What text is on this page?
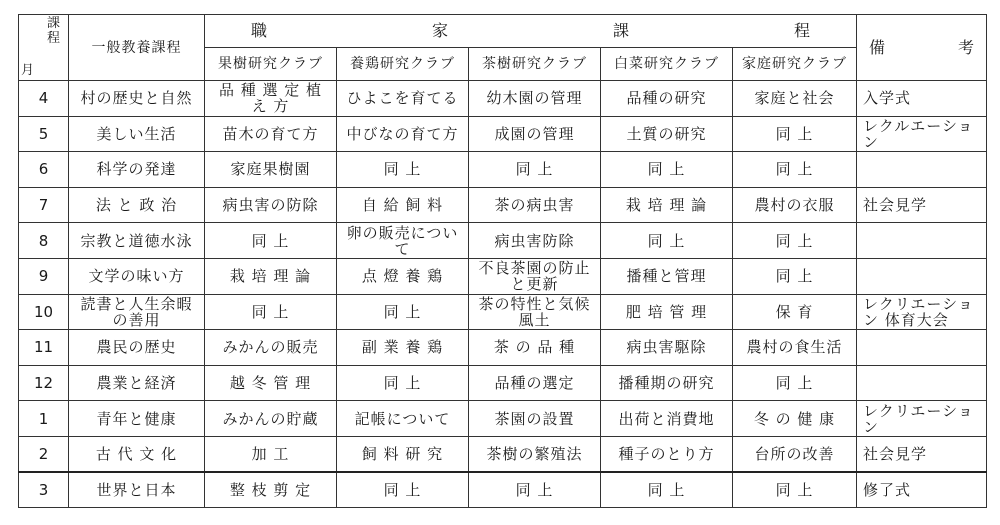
課
程
月	一般教養課程	職 家 課 程					備 考

		果樹研究クラブ	養鶏研究クラブ	茶樹研究クラブ	白菜研究クラブ	家庭研究クラブ	
4	村の歴史と自然	品 種 選 定 植 え 方	ひよこを育てる	幼木園の管理	品種の研究	家庭と社会	入学式
5	美しい生活	苗木の育て方	中びなの育て方	成園の管理	土質の研究	同 上	レクルエーション
6	科学の発達	家庭果樹園	同 上	同 上	同 上	同 上	
7	法 と 政 治	病虫害の防除	自 給 飼 料	茶の病虫害	栽 培 理 論	農村の衣服	社会見学
8	宗教と道徳水泳	同 上	卵の販売について	病虫害防除	同 上	同 上	
9	文学の味い方	栽 培 理 論	点 燈 養 鶏	不良茶園の防止と更新	播種と管理	同 上	
10	読書と人生余暇の善用	同 上	同 上	茶の特性と気候風土	肥 培 管 理	保 育	レクリエーション 体育大会
11	農民の歴史	みかんの販売	副 業 養 鶏	茶 の 品 種	病虫害駆除	農村の食生活	
12	農業と経済	越 冬 管 理	同 上	品種の選定	播種期の研究	同 上	
1	青年と健康	みかんの貯蔵	記帳について	茶園の設置	出荷と消費地	冬 の 健 康	レクリエーション
2	古 代 文 化	加 工	飼 料 研 究	茶樹の繁殖法	種子のとり方	台所の改善	社会見学
3	世界と日本	整 枝 剪 定	同 上	同 上	同 上	同 上	修了式
